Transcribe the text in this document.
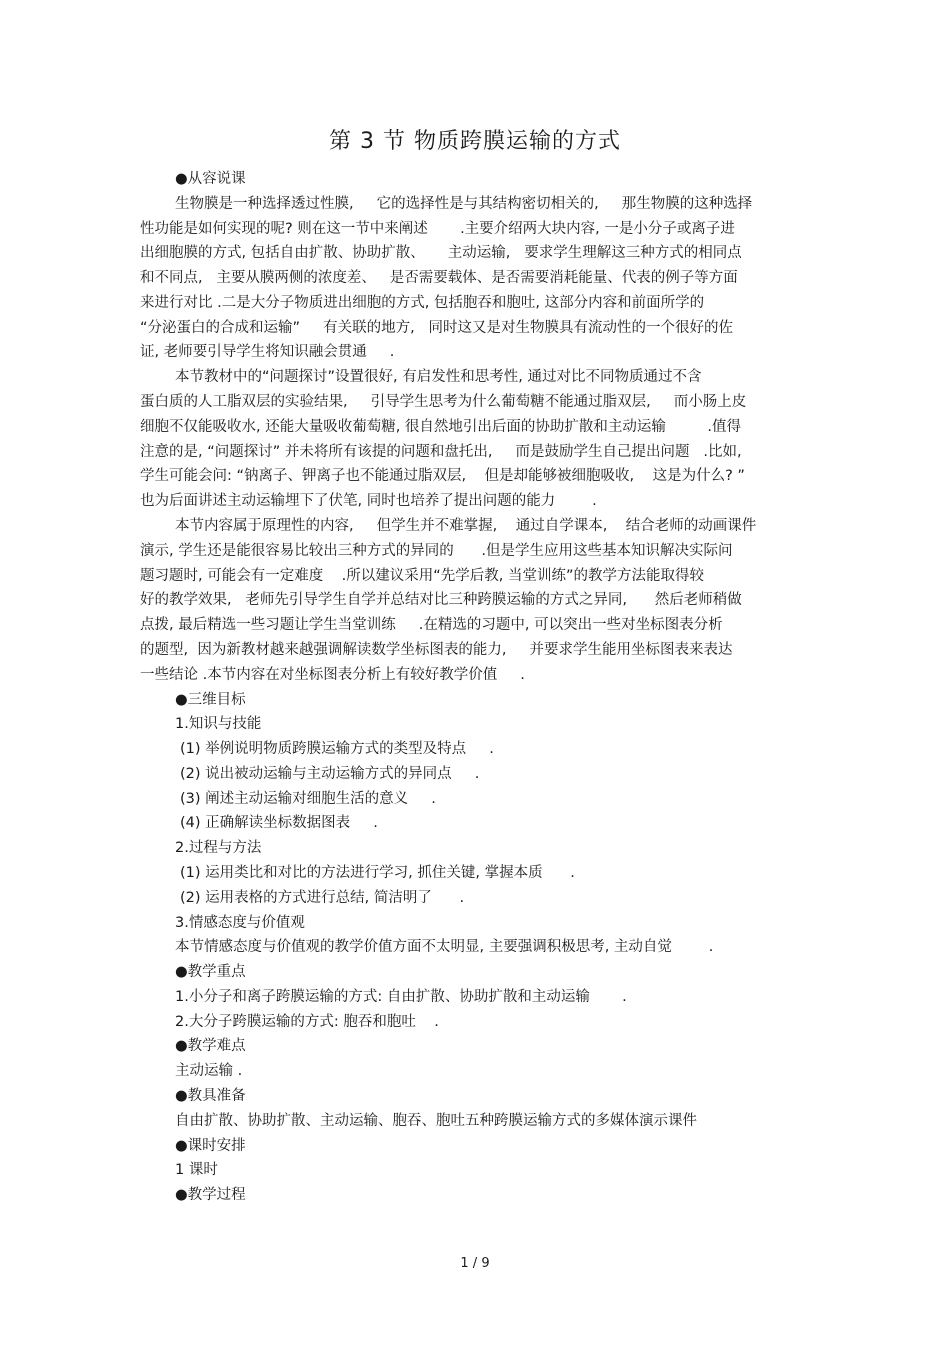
第 3 节 物质跨膜运输的方式
●从容说课
生物膜是一种选择透过性膜,     它的选择性是与其结构密切相关的,     那生物膜的这种选择
性功能是如何实现的呢? 则在这一节中来阐述       .主要介绍两大块内容, 一是小分子或离子进
出细胞膜的方式, 包括自由扩散、协助扩散、     主动运输,   要求学生理解这三种方式的相同点
和不同点,   主要从膜两侧的浓度差、   是否需要载体、是否需要消耗能量、代表的例子等方面
来进行对比 .二是大分子物质进出细胞的方式, 包括胞吞和胞吐, 这部分内容和前面所学的
“分泌蛋白的合成和运输”     有关联的地方,   同时这又是对生物膜具有流动性的一个很好的佐
证, 老师要引导学生将知识融会贯通     .
本节教材中的“问题探讨”设置很好, 有启发性和思考性, 通过对比不同物质通过不含
蛋白质的人工脂双层的实验结果,     引导学生思考为什么葡萄糖不能通过脂双层,     而小肠上皮
细胞不仅能吸收水, 还能大量吸收葡萄糖, 很自然地引出后面的协助扩散和主动运输         .值得
注意的是, “问题探讨” 并未将所有该提的问题和盘托出,     而是鼓励学生自己提出问题   .比如,
学生可能会问: “钠离子、钾离子也不能通过脂双层,    但是却能够被细胞吸收,    这是为什么? ”
也为后面讲述主动运输埋下了伏笔, 同时也培养了提出问题的能力        .
本节内容属于原理性的内容,     但学生并不难掌握,    通过自学课本,    结合老师的动画课件
演示, 学生还是能很容易比较出三种方式的异同的      .但是学生应用这些基本知识解决实际问
题习题时, 可能会有一定难度    .所以建议采用“先学后教, 当堂训练”的教学方法能取得较
好的教学效果,   老师先引导学生自学并总结对比三种跨膜运输的方式之异同,      然后老师稍做
点拨, 最后精选一些习题让学生当堂训练     .在精选的习题中, 可以突出一些对坐标图表分析
的题型,  因为新教材越来越强调解读数学坐标图表的能力,     并要求学生能用坐标图表来表达
一些结论 .本节内容在对坐标图表分析上有较好教学价值     .
●三维目标
1.知识与技能
(1) 举例说明物质跨膜运输方式的类型及特点     .
(2) 说出被动运输与主动运输方式的异同点     .
(3) 阐述主动运输对细胞生活的意义     .
(4) 正确解读坐标数据图表     .
2.过程与方法
(1) 运用类比和对比的方法进行学习, 抓住关键, 掌握本质      .
(2) 运用表格的方式进行总结, 简洁明了      .
3.情感态度与价值观
本节情感态度与价值观的教学价值方面不太明显, 主要强调积极思考, 主动自觉        .
●教学重点
1.小分子和离子跨膜运输的方式: 自由扩散、协助扩散和主动运输       .
2.大分子跨膜运输的方式: 胞吞和胞吐    .
●教学难点
主动运输 .
●教具准备
自由扩散、协助扩散、主动运输、胞吞、胞吐五种跨膜运输方式的多媒体演示课件
●课时安排
1 课时
●教学过程
1 / 9
